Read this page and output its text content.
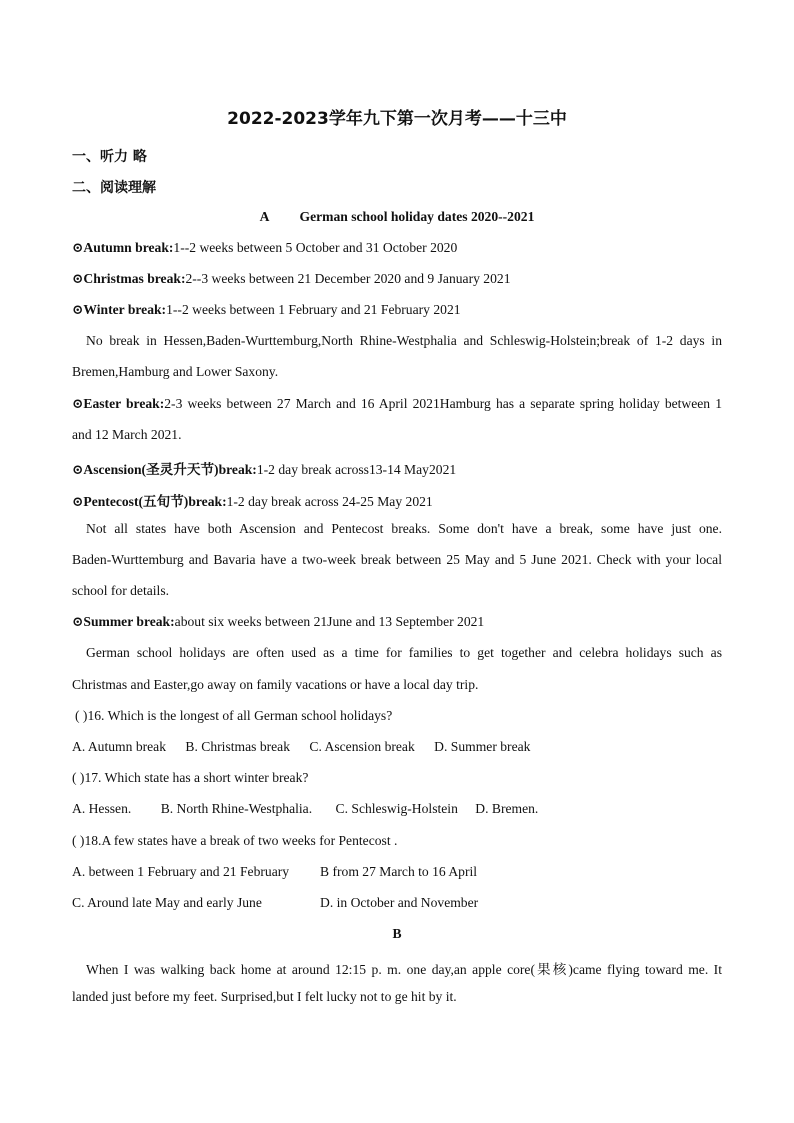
2022-2023学年九下第一次月考——十三中
一、听力 略
二、阅读理解
A German school holiday dates 2020--2021
⊙Autumn break:1--2 weeks between 5 October and 31 October 2020
⊙Christmas break:2--3 weeks between 21 December 2020 and 9 January 2021
⊙Winter break:1--2 weeks between 1 February and 21 February 2021
No break in Hessen,Baden-Wurttemburg,North Rhine-Westphalia and Schleswig-Holstein;break of 1-2 days in
Bremen,Hamburg and Lower Saxony.
⊙Easter break:2-3 weeks between 27 March and 16 April 2021Hamburg has a separate spring holiday between 1
and 12 March 2021.
⊙Ascension(圣灵升天节)break:1-2 day break across13-14 May2021
⊙Pentecost(五旬节)break:1-2 day break across 24-25 May 2021
Not all states have both Ascension and Pentecost breaks. Some don't have a break, some have just one.
Baden-Wurttemburg and Bavaria have a two-week break between 25 May and 5 June 2021. Check with your local
school for details.
⊙Summer break:about six weeks between 21June and 13 September 2021
German school holidays are often used as a time for families to get together and celebra holidays such as
Christmas and Easter,go away on family vacations or have a local day trip.
( )16. Which is the longest of all German school holidays?
A. Autumn break B. Christmas break C. Ascension break D. Summer break
( )17. Which state has a short winter break?
A. Hessen. B. North Rhine-Westphalia. C. Schleswig-Holstein D. Bremen.
( )18.A few states have a break of two weeks for Pentecost .
A. between 1 February and 21 February B from 27 March to 16 April
C. Around late May and early June	D. in October and November
B
When I was walking back home at around 12:15 p. m. one day,an apple core(果核)came flying toward me. It
landed just before my feet. Surprised,but I felt lucky not to ge hit by it.
